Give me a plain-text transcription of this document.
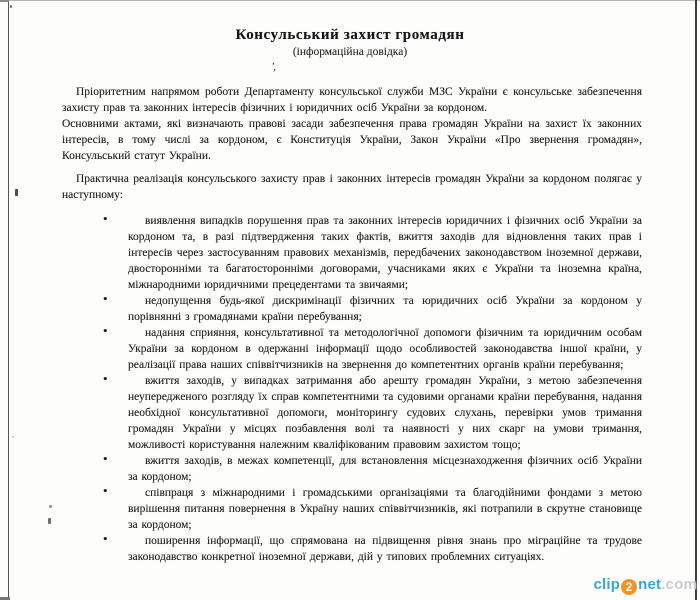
Консульський захист громадян
(інформаційна довідка)
’,

Пріоритетним напрямом роботи Департаменту консульської служби МЗС України є консульське забезпечення захисту прав та законних інтересів фізичних і юридичних осіб України за кордоном.

Основними актами, які визначають правові засади забезпечення права громадян України на захист їх законних інтересів, в тому числі за кордоном, є Конституція України, Закон України «Про звернення громадян», Консульський статут України.

Практична реалізація консульського захисту прав і законних інтересів громадян України за кордоном полягає у наступному:

•	виявлення випадків порушення прав та законних інтересів юридичних і фізичних осіб України за кордоном та, в разі підтвердження таких фактів, вжиття заходів для відновлення таких прав і інтересів через застосуванням правових механізмів, передбачених законодавством іноземної держави, двосторонніми та багатосторонніми договорами, учасниками яких є України та іноземна країна, міжнародними юридичними прецедентами та звичаями;
•	недопущення будь-якої дискримінації фізичних та юридичних осіб України за кордоном у порівнянні з громадянами країни перебування;
•	надання сприяння, консультативної та методологічної допомоги фізичним та юридичним особам України за кордоном в одержанні інформації щодо особливостей законодавства іншої країни, у реалізації права наших співвітчизників на звернення до компетентних органів країни перебування;
•	вжиття заходів, у випадках затримання або арешту громадян України, з метою забезпечення неупередженого розгляду їх справ компетентними та судовими органами країни перебування, надання необхідної консультативної допомоги, моніторингу судових слухань, перевірки умов тримання громадян України у місцях позбавлення волі та наявності у них скарг на умови тримання, можливості користування належним кваліфікованим правовим захистом тощо;
•	вжиття заходів, в межах компетенції, для встановлення місцезнаходження фізичних осіб України за кордоном;
•	співпраця з міжнародними і громадськими організаціями та благодійними фондами з метою вирішення питання повернення в Україну наших співвітчизників, які потрапили в скрутне становище за кордоном;
•	поширення інформації, що спрямована на підвищення рівня знань про міграційне та трудове законодавство конкретної іноземної держави, дій у типових проблемних ситуаціях.
clip 2 net.com
